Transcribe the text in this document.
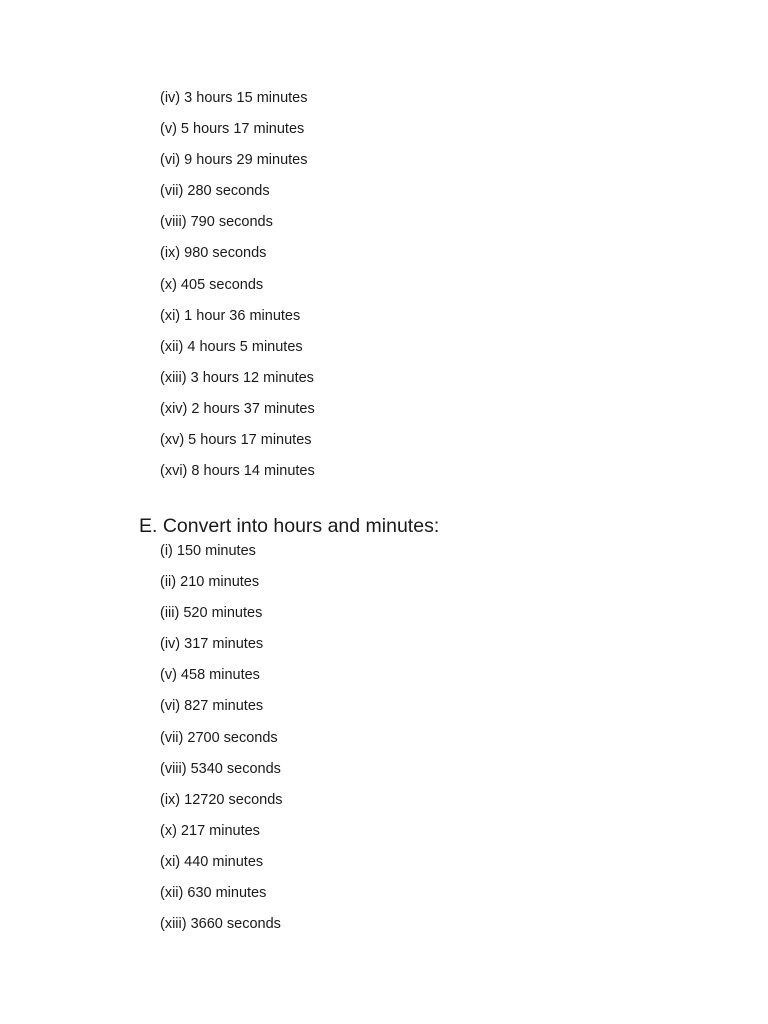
(iv) 3 hours 15 minutes
(v) 5 hours 17 minutes
(vi) 9 hours 29 minutes
(vii) 280 seconds
(viii) 790 seconds
(ix) 980 seconds
(x) 405 seconds
(xi) 1 hour 36 minutes
(xii) 4 hours 5 minutes
(xiii) 3 hours 12 minutes
(xiv) 2 hours 37 minutes
(xv) 5 hours 17 minutes
(xvi) 8 hours 14 minutes
E. Convert into hours and minutes:
(i) 150 minutes
(ii) 210 minutes
(iii) 520 minutes
(iv) 317 minutes
(v) 458 minutes
(vi) 827 minutes
(vii) 2700 seconds
(viii) 5340 seconds
(ix) 12720 seconds
(x) 217 minutes
(xi) 440 minutes
(xii) 630 minutes
(xiii) 3660 seconds
